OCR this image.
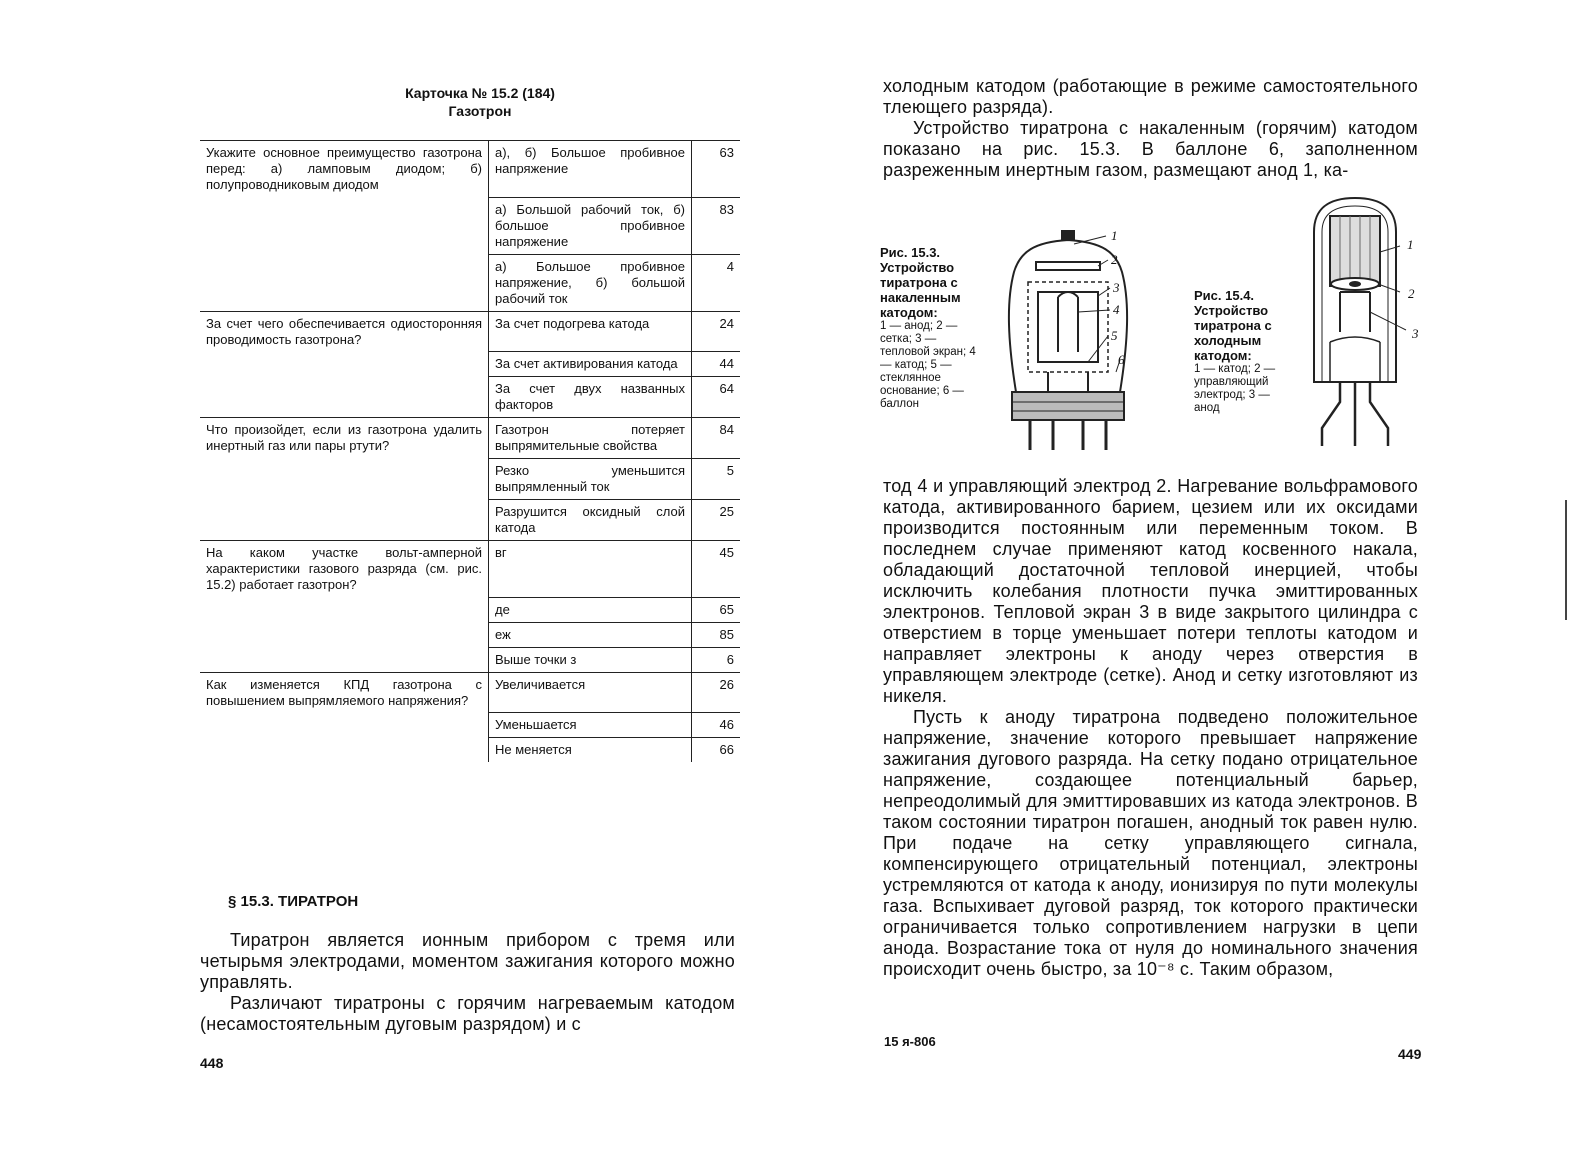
Карточка № 15.2 (184)
Газотрон
Укажите основное преимущество газотрона перед: а) ламповым диодом; б) полупроводниковым диодом	а), б) Большое пробивное напряжение	63
	а) Большой рабочий ток, б) большое пробивное напряжение	83
	а) Большое пробивное напряжение, б) большой рабочий ток	4
За счет чего обеспечивается одиосторонняя проводимость газотрона?	За счет подогрева катода	24
	За счет активирования катода	44
	За счет двух названных факторов	64
Что произойдет, если из газотрона удалить инертный газ или пары ртути?	Газотрон потеряет выпрямительные свойства	84
	Резко уменьшится выпрямленный ток	5
	Разрушится оксидный слой катода	25
На каком участке вольт-амперной характеристики газового разряда (см. рис. 15.2) работает газотрон?	вг	45
	де	65
	еж	85
	Выше точки з	6
Как изменяется КПД газотрона с повышением выпрямляемого напряжения?	Увеличивается	26
	Уменьшается	46
	Не меняется	66
§ 15.3. ТИРАТРОН

Тиратрон является ионным прибором с тремя или четырьмя электродами, моментом зажигания которого можно управлять.

Различают тиратроны с горячим нагреваемым катодом (несамостоятельным дуговым разрядом) и с

448

холодным катодом (работающие в режиме самостоятельного тлеющего разряда).

Устройство тиратрона с накаленным (горячим) катодом показано на рис. 15.3. В баллоне 6, заполненном разреженным инертным газом, размещают анод 1, ка-

Рис. 15.3. Устройство тиратрона с накаленным катодом:
1 — анод; 2 — сетка; 3 — тепловой экран; 4 — катод; 5 — стеклянное основание; 6 — баллон
1
2
3
4
5
6
Рис. 15.4. Устройство тиратрона с холодным катодом:
1 — катод; 2 — управляющий электрод; 3 — анод
1
2
3

тод 4 и управляющий электрод 2. Нагревание вольфрамового катода, активированного барием, цезием или их оксидами производится постоянным или переменным током. В последнем случае применяют катод косвенного накала, обладающий достаточной тепловой инерцией, чтобы исключить колебания плотности пучка эмиттированных электронов. Тепловой экран 3 в виде закрытого цилиндра с отверстием в торце уменьшает потери теплоты катодом и направляет электроны к аноду через отверстия в управляющем электроде (сетке). Анод и сетку изготовляют из никеля.

Пусть к аноду тиратрона подведено положительное напряжение, значение которого превышает напряжение зажигания дугового разряда. На сетку подано отрицательное напряжение, создающее потенциальный барьер, непреодолимый для эмиттировавших из катода электронов. В таком состоянии тиратрон погашен, анодный ток равен нулю. При подаче на сетку управляющего сигнала, компенсирующего отрицательный потенциал, электроны устремляются от катода к аноду, ионизируя по пути молекулы газа. Вспыхивает дуговой разряд, ток которого практически ограничивается только сопротивлением нагрузки в цепи анода. Возрастание тока от нуля до номинального значения происходит очень быстро, за 10⁻⁸ с. Таким образом,

15 я-806
449
